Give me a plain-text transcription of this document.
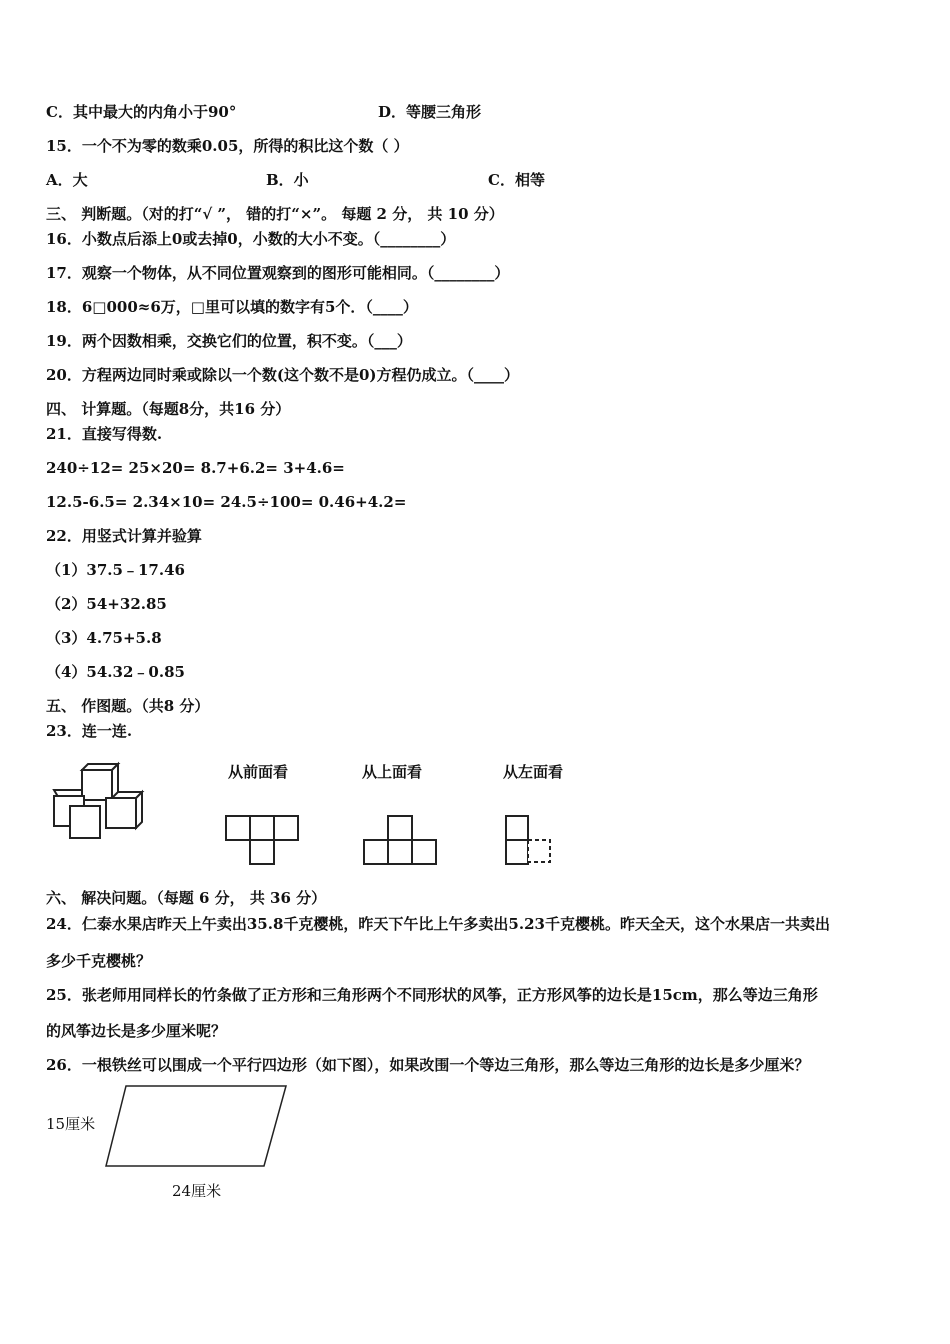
C．其中最大的内角小于90°	D．等腰三角形
15．一个不为零的数乘0.05，所得的积比这个数（ ）
A．大	B．小	C．相等
三、 判断题。（对的打“√ ”， 错的打“×”。 每题 2 分， 共 10 分）
16．小数点后添上0或去掉0，小数的大小不变。（________）
17．观察一个物体，从不同位置观察到的图形可能相同。（________）
18．6□000≈6万，□里可以填的数字有5个．（____）
19．两个因数相乘，交换它们的位置，积不变。（___）
20．方程两边同时乘或除以一个数(这个数不是0)方程仍成立。（____）
四、 计算题。（每题8分，共16 分）
21．直接写得数.
240÷12= 25×20= 8.7+6.2= 3+4.6=
12.5-6.5= 2.34×10= 24.5÷100= 0.46+4.2=
22．用竖式计算并验算
（1）37.5﹣17.46
（2）54+32.85
（3）4.75+5.8
（4）54.32﹣0.85
五、 作图题。（共8 分）
23．连一连.
从前面看	从上面看	从左面看
六、 解决问题。（每题 6 分， 共 36 分）
24．仁泰水果店昨天上午卖出35.8千克樱桃，昨天下午比上午多卖出5.23千克樱桃。昨天全天，这个水果店一共卖出
多少千克樱桃？
25．张老师用同样长的竹条做了正方形和三角形两个不同形状的风筝，正方形风筝的边长是15cm，那么等边三角形
的风筝边长是多少厘米呢？
26．一根铁丝可以围成一个平行四边形（如下图），如果改围一个等边三角形，那么等边三角形的边长是多少厘米？
15厘米
24厘米
